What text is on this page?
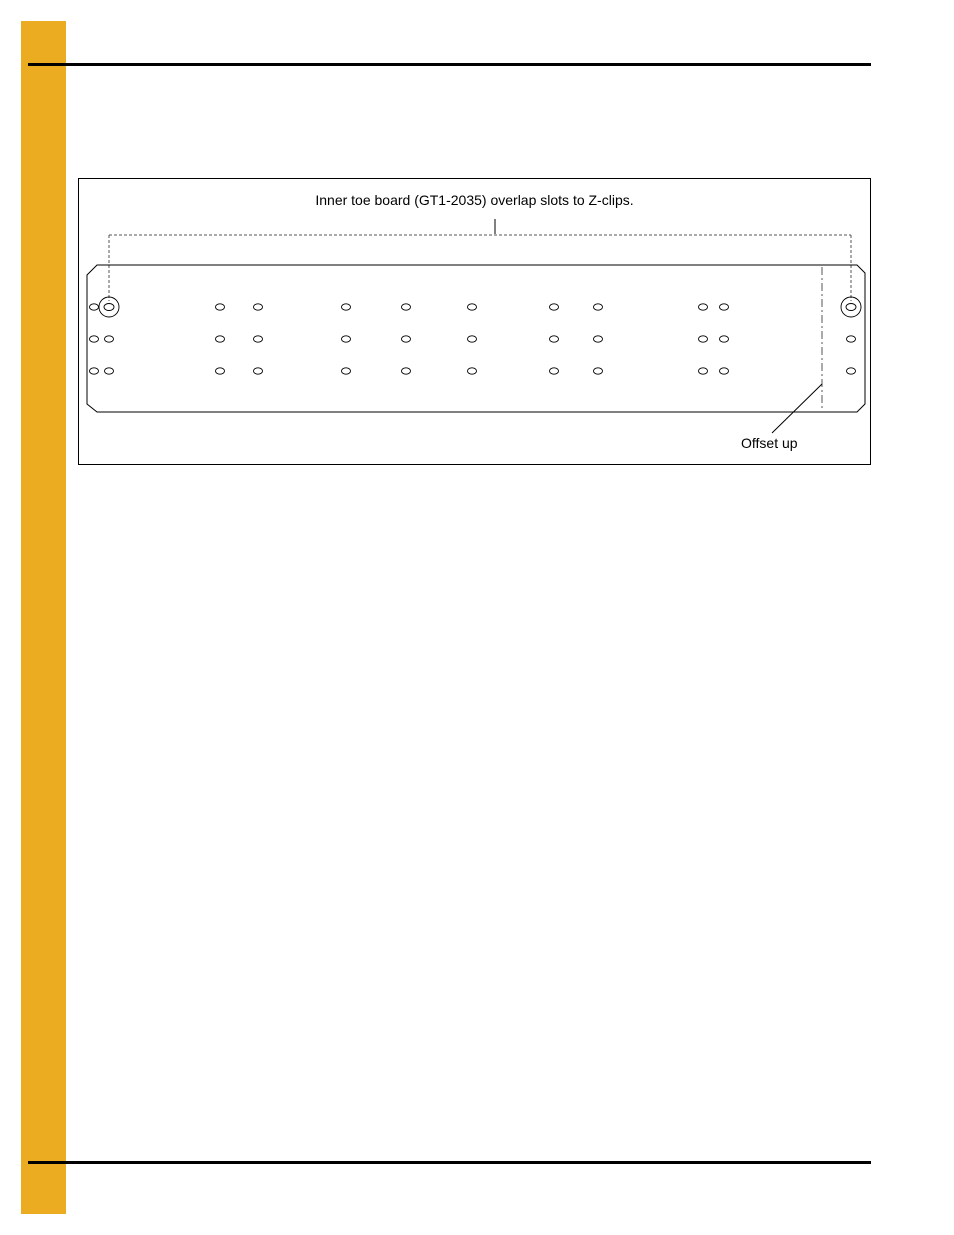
Inner toe board (GT1-2035) overlap slots to Z-clips.
Offset up
